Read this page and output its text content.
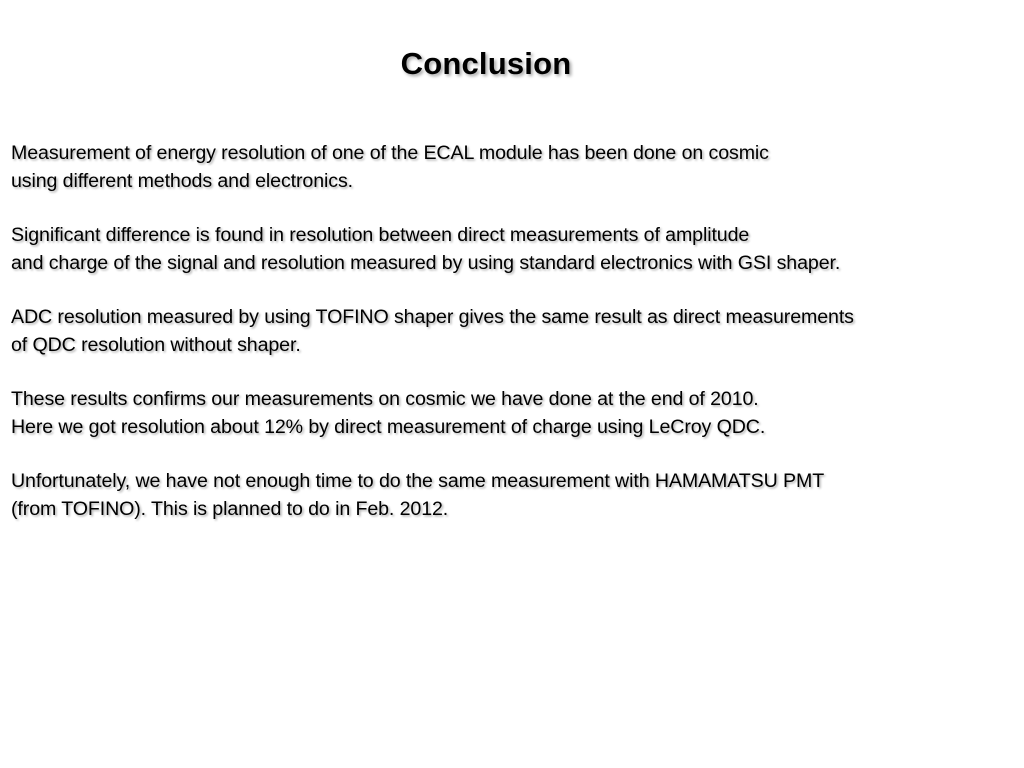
Conclusion
Measurement of energy resolution of one of the ECAL module has been done on cosmic
using different methods and electronics.
Significant difference is found in resolution between direct measurements of amplitude
and charge of the signal and resolution measured by using standard electronics with GSI shaper.
ADC resolution measured by using TOFINO shaper gives the same result as direct measurements
of QDC resolution without shaper.
These results confirms our measurements on cosmic we have done at the end of 2010.
Here we got resolution about 12% by direct measurement of charge using LeCroy QDC.
Unfortunately, we have not enough time to do the same measurement with HAMAMATSU PMT
(from TOFINO). This is planned to do in Feb. 2012.
